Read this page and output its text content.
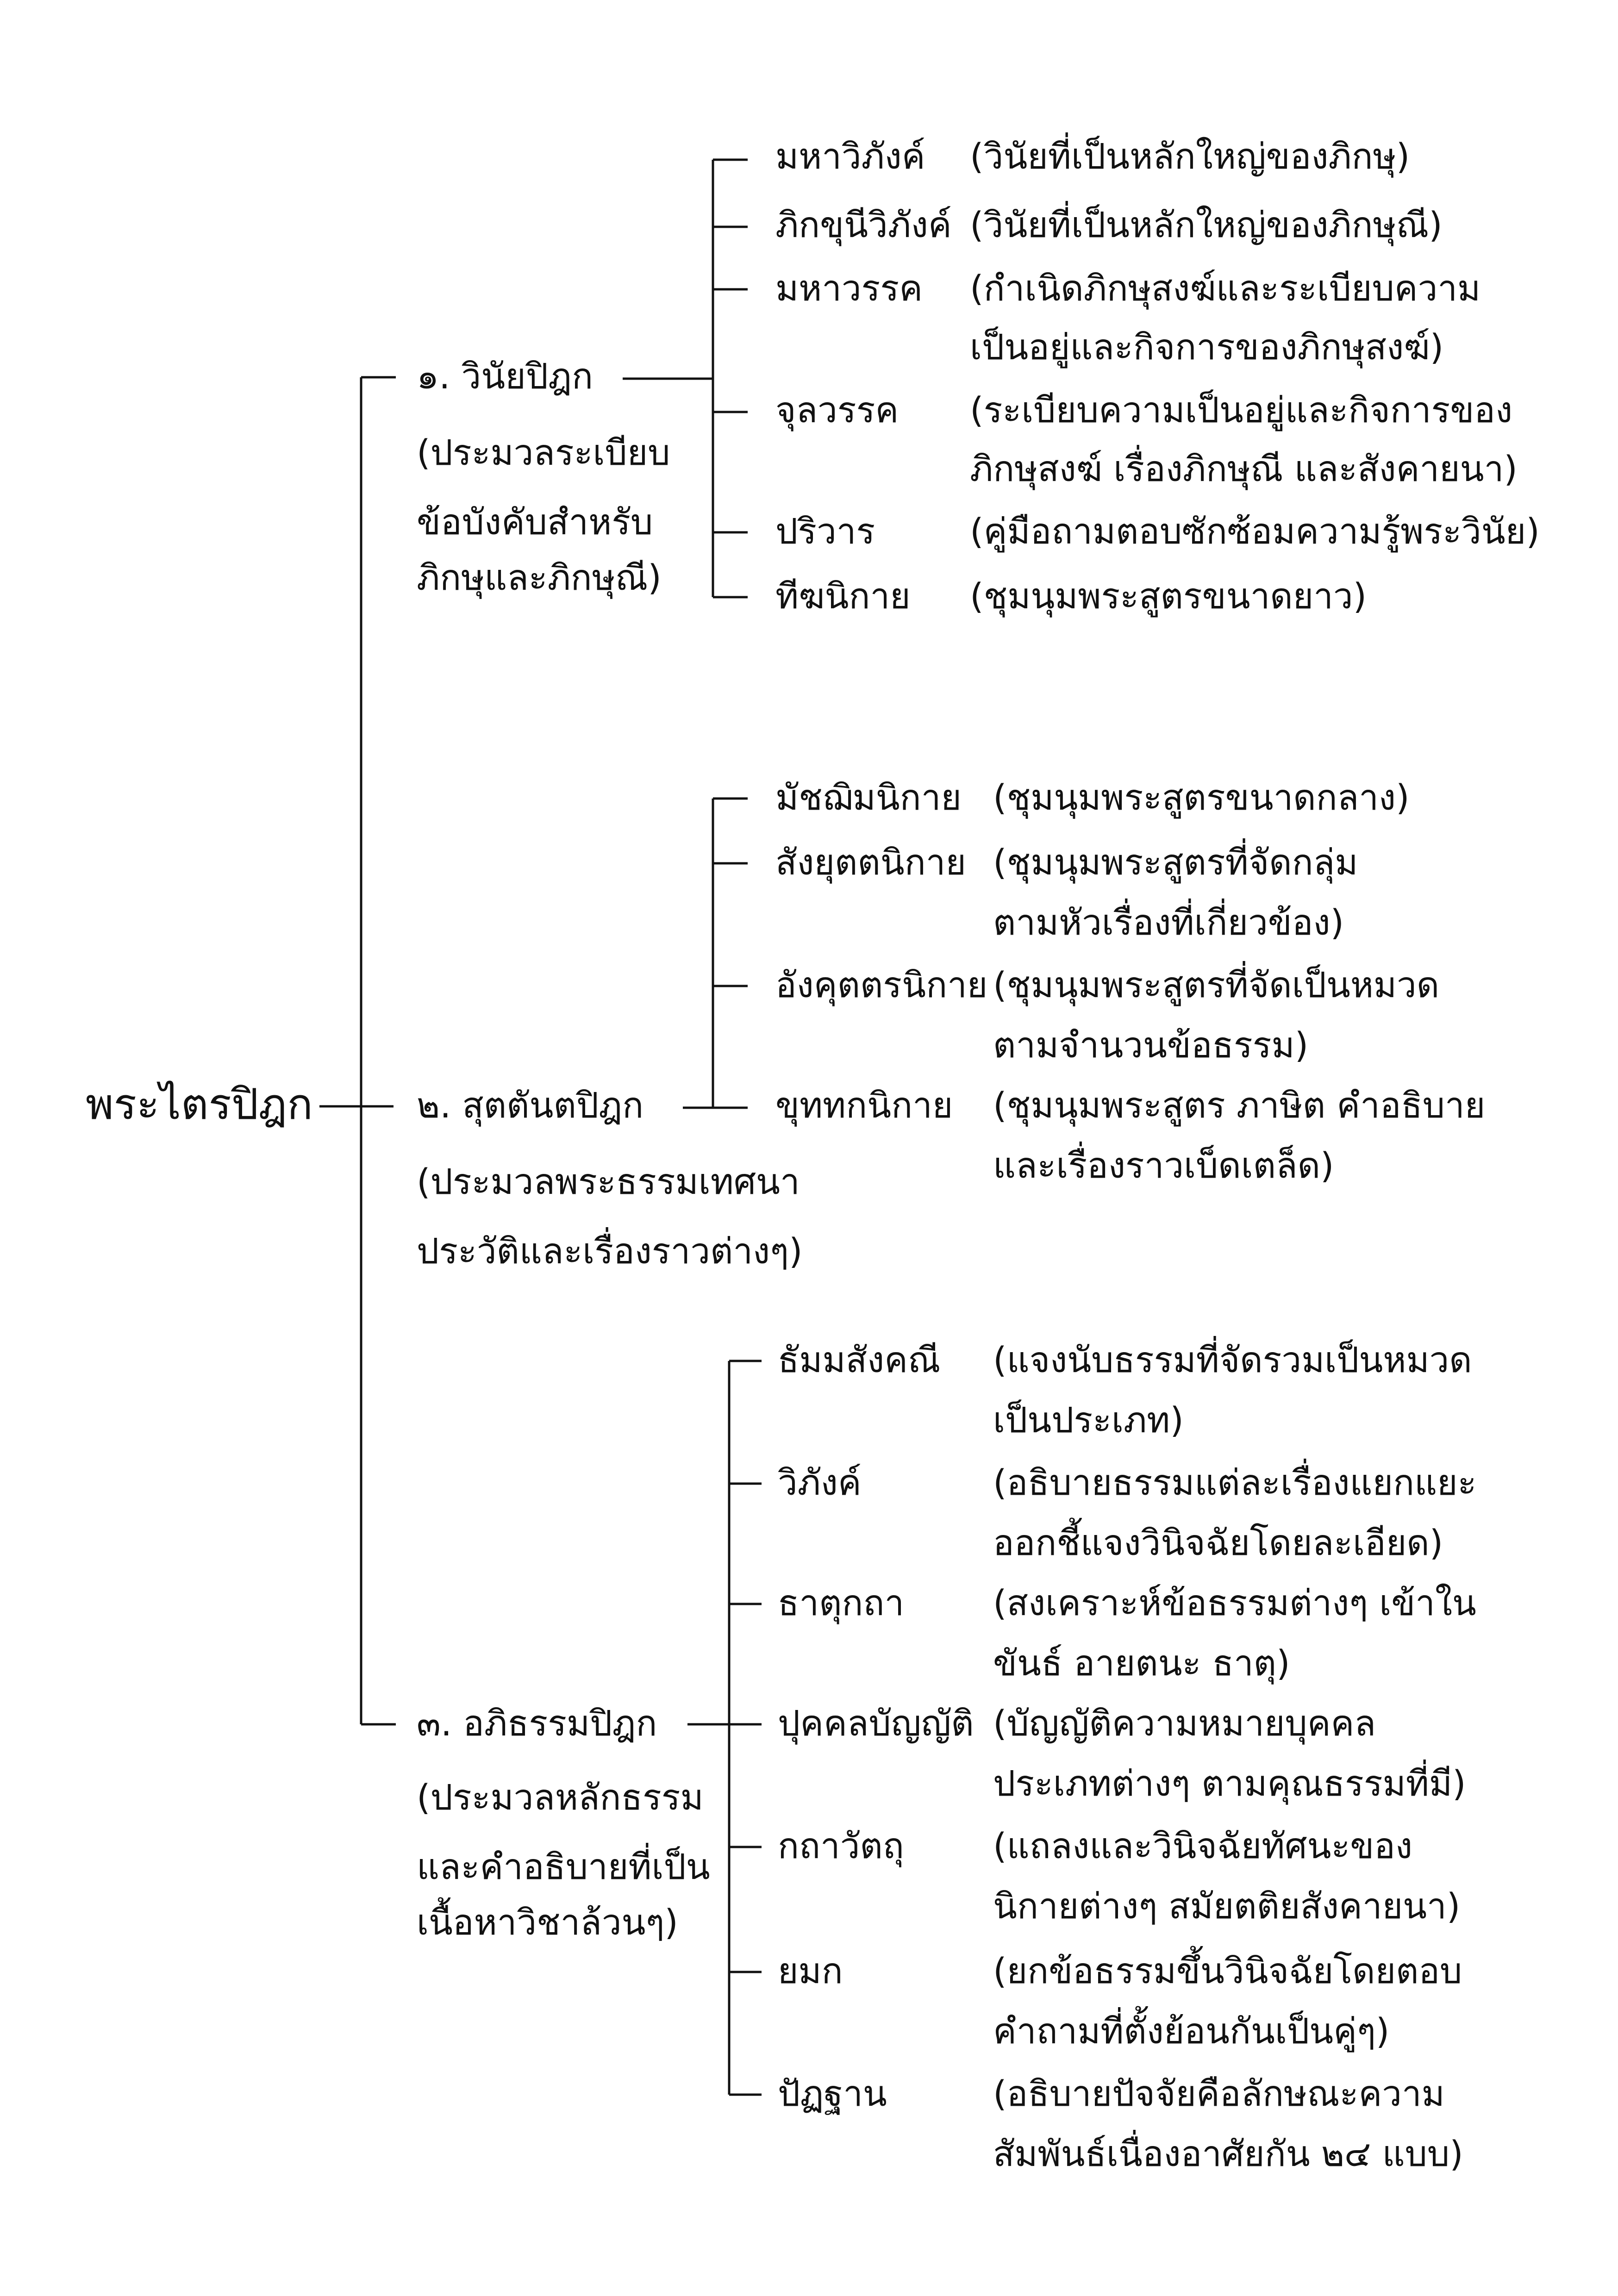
พระไตรปิฎก
๑. วินัยปิฎก
(ประมวลระเบียบ
ข้อบังคับสำหรับ
ภิกษุและภิกษุณี)
มหาวิภังค์ (วินัยที่เป็นหลักใหญ่ของภิกษุ)
ภิกขุนีวิภังค์ (วินัยที่เป็นหลักใหญ่ของภิกษุณี)
มหาวรรค (กำเนิดภิกษุสงฆ์และระเบียบความ
เป็นอยู่และกิจการของภิกษุสงฆ์)
จุลวรรค (ระเบียบความเป็นอยู่และกิจการของ
ภิกษุสงฆ์ เรื่องภิกษุณี และสังคายนา)
ปริวาร	(คู่มือถามตอบซักซ้อมความรู้พระวินัย)
ทีฆนิกาย (ชุมนุมพระสูตรขนาดยาว)
๒. สุตตันตปิฎก
(ประมวลพระธรรมเทศนา
ประวัติและเรื่องราวต่างๆ)
มัชฌิมนิกาย (ชุมนุมพระสูตรขนาดกลาง)
สังยุตตนิกาย (ชุมนุมพระสูตรที่จัดกลุ่ม
ตามหัวเรื่องที่เกี่ยวข้อง)
อังคุตตรนิกาย (ชุมนุมพระสูตรที่จัดเป็นหมวด
ตามจำนวนข้อธรรม)
ขุททกนิกาย (ชุมนุมพระสูตร ภาษิต คำอธิบาย
และเรื่องราวเบ็ดเตล็ด)
๓. อภิธรรมปิฎก
(ประมวลหลักธรรม
และคำอธิบายที่เป็น
เนื้อหาวิชาล้วนๆ)
ธัมมสังคณี (แจงนับธรรมที่จัดรวมเป็นหมวด
เป็นประเภท)
วิภังค์	(อธิบายธรรมแต่ละเรื่องแยกแยะ
ออกชี้แจงวินิจฉัยโดยละเอียด)
ธาตุกถา	(สงเคราะห์ข้อธรรมต่างๆ เข้าใน
ขันธ์ อายตนะ ธาตุ)
ปุคคลบัญญัติ (บัญญัติความหมายบุคคล
ประเภทต่างๆ ตามคุณธรรมที่มี)
กถาวัตถุ	(แถลงและวินิจฉัยทัศนะของ
นิกายต่างๆ สมัยตติยสังคายนา)
ยมก	(ยกข้อธรรมขึ้นวินิจฉัยโดยตอบ
คำถามที่ตั้งย้อนกันเป็นคู่ๆ)
ปัฏฐาน	(อธิบายปัจจัยคือลักษณะความ
สัมพันธ์เนื่องอาศัยกัน ๒๔ แบบ)
